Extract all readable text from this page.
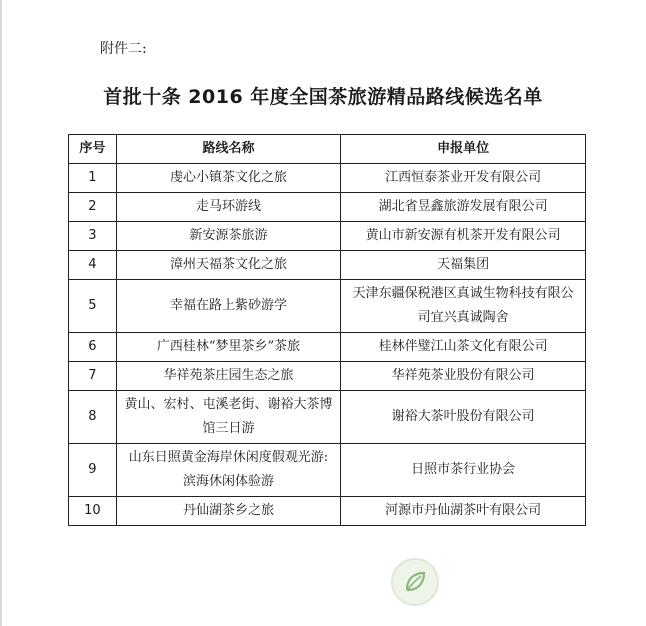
附件二:
首批十条 2016 年度全国茶旅游精品路线候选名单
序号	路线名称	申报单位
1	虔心小镇茶文化之旅	江西恒泰茶业开发有限公司
2	走马环游线	湖北省昱鑫旅游发展有限公司
3	新安源茶旅游	黄山市新安源有机茶开发有限公司
4	漳州天福茶文化之旅	天福集团
5	幸福在路上紫砂游学	天津东疆保税港区真诚生物科技有限公司宜兴真诚陶舍
6	广西桂林“梦里茶乡”茶旅	桂林伴璧江山茶文化有限公司
7	华祥苑茶庄园生态之旅	华祥苑茶业股份有限公司
8	黄山、宏村、屯溪老街、谢裕大茶博馆三日游	谢裕大茶叶股份有限公司
9	山东日照黄金海岸休闲度假观光游:滨海休闲体验游	日照市茶行业协会
10	丹仙湖茶乡之旅	河源市丹仙湖茶叶有限公司
